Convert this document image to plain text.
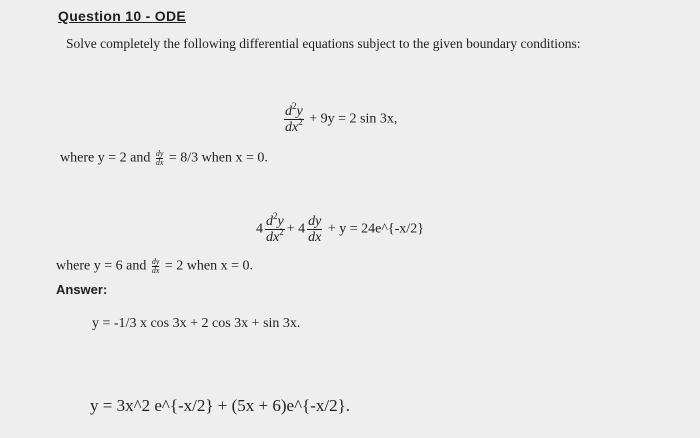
Question 10 - ODE
Solve completely the following differential equations subject to the given boundary conditions:
$\frac{d^2y}{dx^2} + 9y = 2$ sin 3x,
where y = 2 and $\frac{dy}{dx} = 8/3$ when x = 0.
$4 \frac{d^2y}{dx^2} + 4 \frac{dy}{dx} + y$ = 24e^{-x/2}
where y = 6 and $\frac{dy}{dx} = 2$ when x = 0.
Answer:
y = -1/3 x cos 3x + 2 cos 3x + sin 3x.
y = 3x^2 e^{-x/2} + (5x + 6)e^{-x/2}.
